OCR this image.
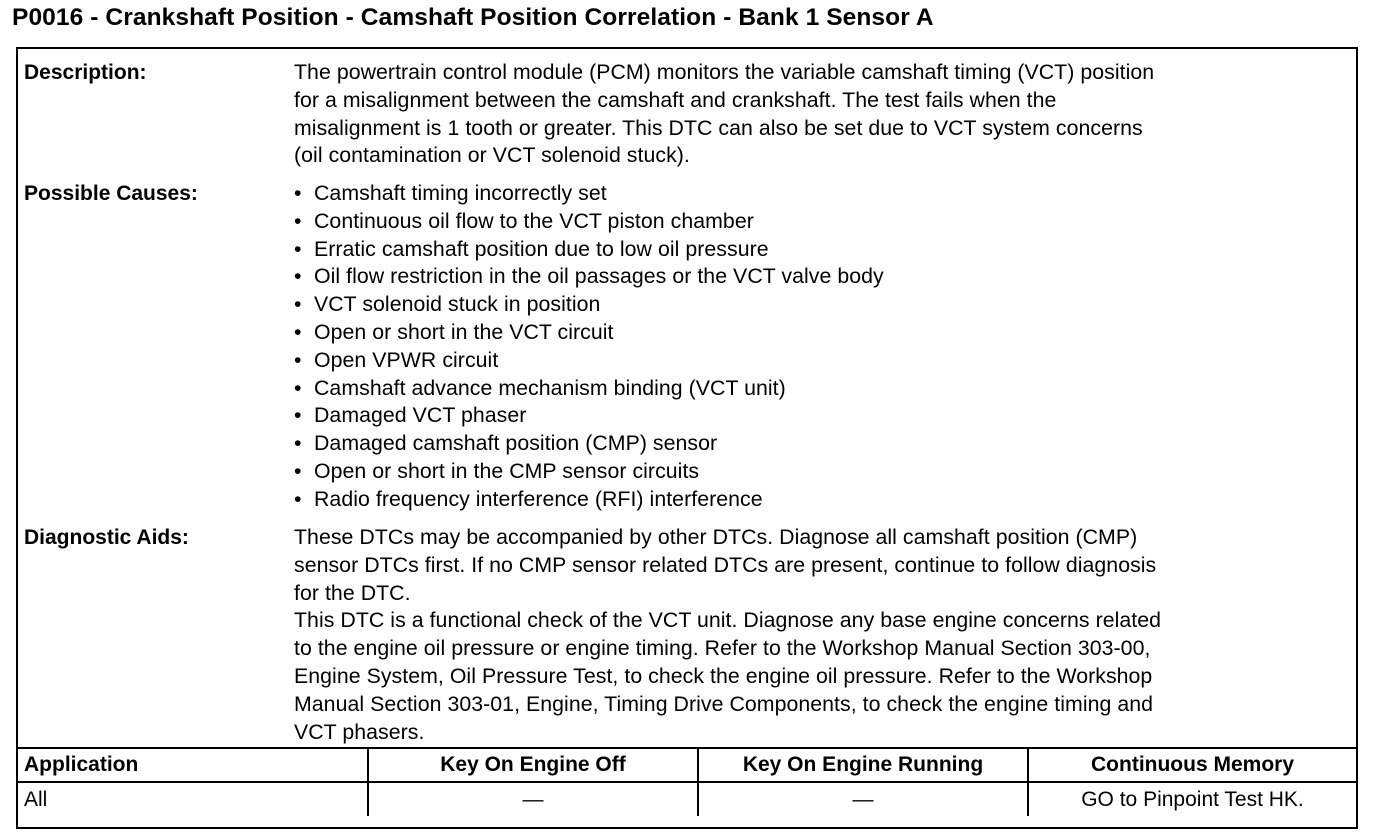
P0016 - Crankshaft Position - Camshaft Position Correlation - Bank 1 Sensor A
Description:	The powertrain control module (PCM) monitors the variable camshaft timing (VCT) position

for a misalignment between the camshaft and crankshaft. The test fails when the

misalignment is 1 tooth or greater. This DTC can also be set due to VCT system concerns

(oil contamination or VCT solenoid stuck).

Possible Causes:	• Camshaft timing incorrectly set
• Continuous oil flow to the VCT piston chamber
• Erratic camshaft position due to low oil pressure
• Oil flow restriction in the oil passages or the VCT valve body
• VCT solenoid stuck in position
• Open or short in the VCT circuit
• Open VPWR circuit
• Camshaft advance mechanism binding (VCT unit)
• Damaged VCT phaser
• Damaged camshaft position (CMP) sensor
• Open or short in the CMP sensor circuits
• Radio frequency interference (RFI) interference
Diagnostic Aids:	These DTCs may be accompanied by other DTCs. Diagnose all camshaft position (CMP)

sensor DTCs first. If no CMP sensor related DTCs are present, continue to follow diagnosis

for the DTC.

This DTC is a functional check of the VCT unit. Diagnose any base engine concerns related

to the engine oil pressure or engine timing. Refer to the Workshop Manual Section 303-00,

Engine System, Oil Pressure Test, to check the engine oil pressure. Refer to the Workshop

Manual Section 303-01, Engine, Timing Drive Components, to check the engine timing and

VCT phasers.

Application	Key On Engine Off	Key On Engine Running	Continuous Memory
All	—	—	GO to Pinpoint Test HK.
